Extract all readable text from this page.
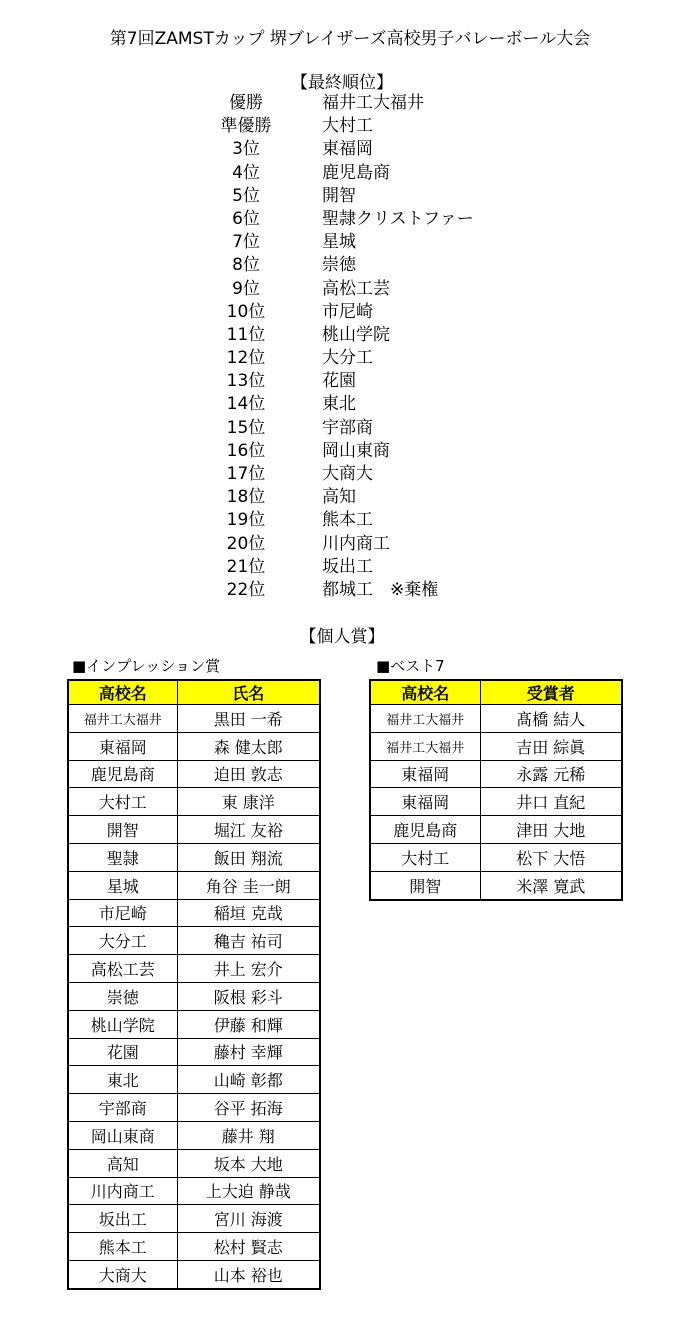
第7回ZAMSTカップ 堺ブレイザーズ高校男子バレーボール大会
【最終順位】
優勝	福井工大福井
準優勝	大村工
3位	東福岡
4位	鹿児島商
5位	開智
6位	聖隷クリストファー
7位	星城
8位	崇徳
9位	高松工芸
10位	市尼崎
11位	桃山学院
12位	大分工
13位	花園
14位	東北
15位	宇部商
16位	岡山東商
17位	大商大
18位	高知
19位	熊本工
20位	川内商工
21位	坂出工
22位	都城工　※棄権
【個人賞】
■インプレッション賞
高校名	氏名
福井工大福井	黒田 一希
東福岡	森 健太郎
鹿児島商	迫田 敦志
大村工	東 康洋
開智	堀江 友裕
聖隷	飯田 翔流
星城	角谷 圭一朗
市尼崎	稲垣 克哉
大分工	穐吉 祐司
高松工芸	井上 宏介
崇徳	阪根 彩斗
桃山学院	伊藤 和輝
花園	藤村 幸輝
東北	山崎 彰都
宇部商	谷平 拓海
岡山東商	藤井 翔
高知	坂本 大地
川内商工	上大迫 静哉
坂出工	宮川 海渡
熊本工	松村 賢志
大商大	山本 裕也
■ベスト7
高校名	受賞者
福井工大福井	髙橋 結人
福井工大福井	吉田 綜眞
東福岡	永露 元稀
東福岡	井口 直紀
鹿児島商	津田 大地
大村工	松下 大悟
開智	米澤 寛武
